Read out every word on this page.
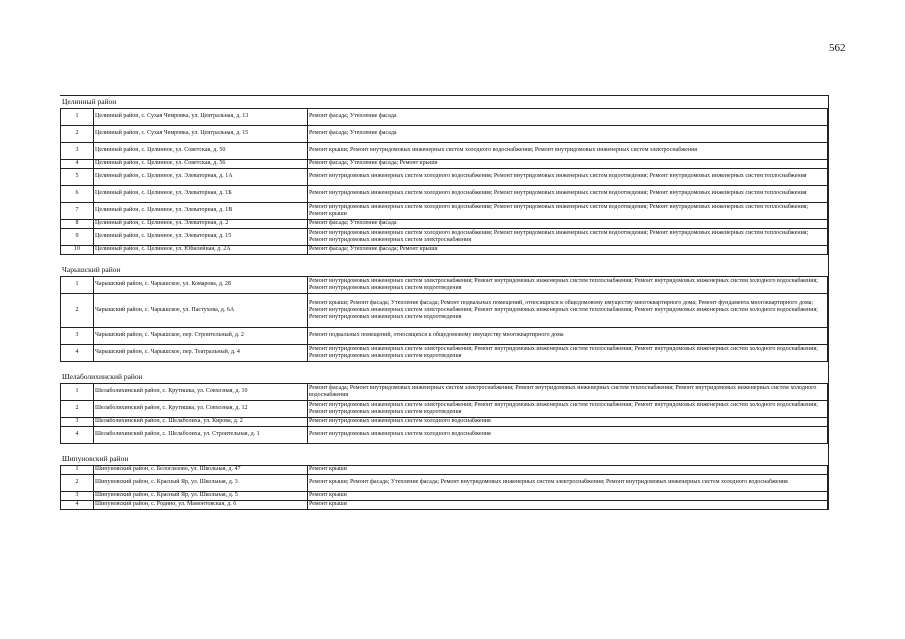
562
Целинный район
1	Целинный район, с. Сухая Чемровка, ул. Центральная, д. 13	Ремонт фасада; Утепление фасада
2	Целинный район, с. Сухая Чемровка, ул. Центральная, д. 15	Ремонт фасада; Утепление фасада
3	Целинный район, с. Целинное, ул. Советская, д. 50	Ремонт крыши; Ремонт внутридомовых инженерных систем холодного водоснабжения; Ремонт внутридомовых инженерных систем электроснабжения
4	Целинный район, с. Целинное, ул. Советская, д. 56	Ремонт фасада; Утепление фасада; Ремонт крыши
5	Целинный район, с. Целинное, ул. Элеваторная, д. 1А	Ремонт внутридомовых инженерных систем холодного водоснабжения; Ремонт внутридомовых инженерных систем водоотведения; Ремонт внутридомовых инженерных систем теплоснабжения
6	Целинный район, с. Целинное, ул. Элеваторная, д. 1Б	Ремонт внутридомовых инженерных систем холодного водоснабжения; Ремонт внутридомовых инженерных систем водоотведения; Ремонт внутридомовых инженерных систем теплоснабжения
7	Целинный район, с. Целинное, ул. Элеваторная, д. 1В	Ремонт внутридомовых инженерных систем холодного водоснабжения; Ремонт внутридомовых инженерных систем водоотведения; Ремонт внутридомовых инженерных систем теплоснабжения; Ремонт крыши
8	Целинный район, с. Целинное, ул. Элеваторная, д. 2	Ремонт фасада; Утепление фасада
9	Целинный район, с. Целинное, ул. Элеваторная, д. 15	Ремонт внутридомовых инженерных систем холодного водоснабжения; Ремонт внутридомовых инженерных систем водоотведения; Ремонт внутридомовых инженерных систем теплоснабжения; Ремонт внутридомовых инженерных систем электроснабжения
10	Целинный район, с. Целинное, ул. Юбилейная, д. 2А	Ремонт фасада; Утепление фасада; Ремонт крыши
Чарышский район
1	Чарышский район, с. Чарышское, ул. Комарова, д. 28	Ремонт внутридомовых инженерных систем электроснабжения; Ремонт внутридомовых инженерных систем теплоснабжения; Ремонт внутридомовых инженерных систем холодного водоснабжения; Ремонт внутридомовых инженерных систем водоотведения
2	Чарышский район, с. Чарышское, ул. Пастухова, д. 6А	Ремонт крыши; Ремонт фасада; Утепление фасада; Ремонт подвальных помещений, относящихся к общедомовому имуществу многоквартирного дома; Ремонт фундамента многоквартирного дома; Ремонт внутридомовых инженерных систем электроснабжения; Ремонт внутридомовых инженерных систем теплоснабжения; Ремонт внутридомовых инженерных систем холодного водоснабжения; Ремонт внутридомовых инженерных систем водоотведения
3	Чарышский район, с. Чарышское, пер. Строительный, д. 2	Ремонт подвальных помещений, относящихся к общедомовому имуществу многоквартирного дома
4	Чарышский район, с. Чарышское, пер. Театральный, д. 4	Ремонт внутридомовых инженерных систем электроснабжения; Ремонт внутридомовых инженерных систем теплоснабжения; Ремонт внутридомовых инженерных систем холодного водоснабжения; Ремонт внутридомовых инженерных систем водоотведения
Шелаболихинский район
1	Шелаболихинский район, с. Крутишка, ул. Совхозная, д. 10	Ремонт фасада; Ремонт внутридомовых инженерных систем электроснабжения; Ремонт внутридомовых инженерных систем теплоснабжения; Ремонт внутридомовых инженерных систем холодного водоснабжения
2	Шелаболихинский район, с. Крутишка, ул. Совхозная, д. 12	Ремонт внутридомовых инженерных систем электроснабжения; Ремонт внутридомовых инженерных систем теплоснабжения; Ремонт внутридомовых инженерных систем холодного водоснабжения; Ремонт внутридомовых инженерных систем водоотведения
3	Шелаболихинский район, с. Шелаболиха, ул. Кирова, д. 2	Ремонт внутридомовых инженерных систем холодного водоснабжения
4	Шелаболихинский район, с. Шелаболиха, ул. Строительная, д. 1	Ремонт внутридомовых инженерных систем холодного водоснабжения
Шипуновский район
1	Шипуновский район, с. Белоглазово, ул. Школьная, д. 47	Ремонт крыши
2	Шипуновский район, с. Красный Яр, ул. Школьная, д. 3	Ремонт крыши; Ремонт фасада; Утепление фасада; Ремонт внутридомовых инженерных систем электроснабжения; Ремонт внутридомовых инженерных систем холодного водоснабжения
3	Шипуновский район, с. Красный Яр, ул. Школьная, д. 5	Ремонт крыши
4	Шипуновский район, с. Родино, ул. Мамонтовская, д. 6	Ремонт крыши
